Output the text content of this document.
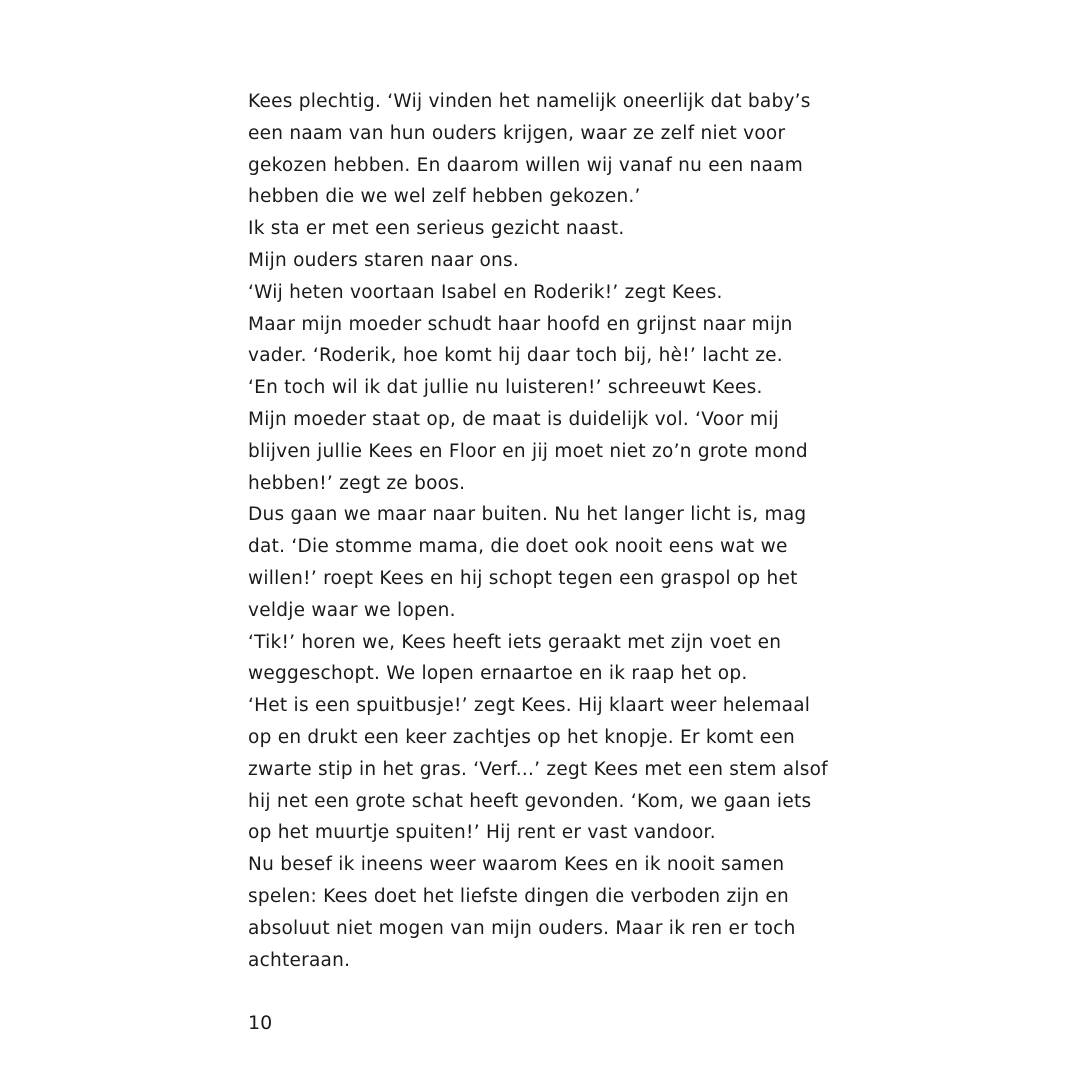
Kees plechtig. ‘Wij vinden het namelijk oneerlijk dat baby’s
een naam van hun ouders krijgen, waar ze zelf niet voor
gekozen hebben. En daarom willen wij vanaf nu een naam
hebben die we wel zelf hebben gekozen.’
Ik sta er met een serieus gezicht naast.
Mijn ouders staren naar ons.
‘Wij heten voortaan Isabel en Roderik!’ zegt Kees.
Maar mijn moeder schudt haar hoofd en grijnst naar mijn
vader. ‘Roderik, hoe komt hij daar toch bij, hè!’ lacht ze.
‘En toch wil ik dat jullie nu luisteren!’ schreeuwt Kees.
Mijn moeder staat op, de maat is duidelijk vol. ‘Voor mij
blijven jullie Kees en Floor en jij moet niet zo’n grote mond
hebben!’ zegt ze boos.
Dus gaan we maar naar buiten. Nu het langer licht is, mag
dat. ‘Die stomme mama, die doet ook nooit eens wat we
willen!’ roept Kees en hij schopt tegen een graspol op het
veldje waar we lopen.
‘Tik!’ horen we, Kees heeft iets geraakt met zijn voet en
weggeschopt. We lopen ernaartoe en ik raap het op.
‘Het is een spuitbusje!’ zegt Kees. Hij klaart weer helemaal
op en drukt een keer zachtjes op het knopje. Er komt een
zwarte stip in het gras. ‘Verf...’ zegt Kees met een stem alsof
hij net een grote schat heeft gevonden. ‘Kom, we gaan iets
op het muurtje spuiten!’ Hij rent er vast vandoor.
Nu besef ik ineens weer waarom Kees en ik nooit samen
spelen: Kees doet het liefste dingen die verboden zijn en
absoluut niet mogen van mijn ouders. Maar ik ren er toch
achteraan.
10
